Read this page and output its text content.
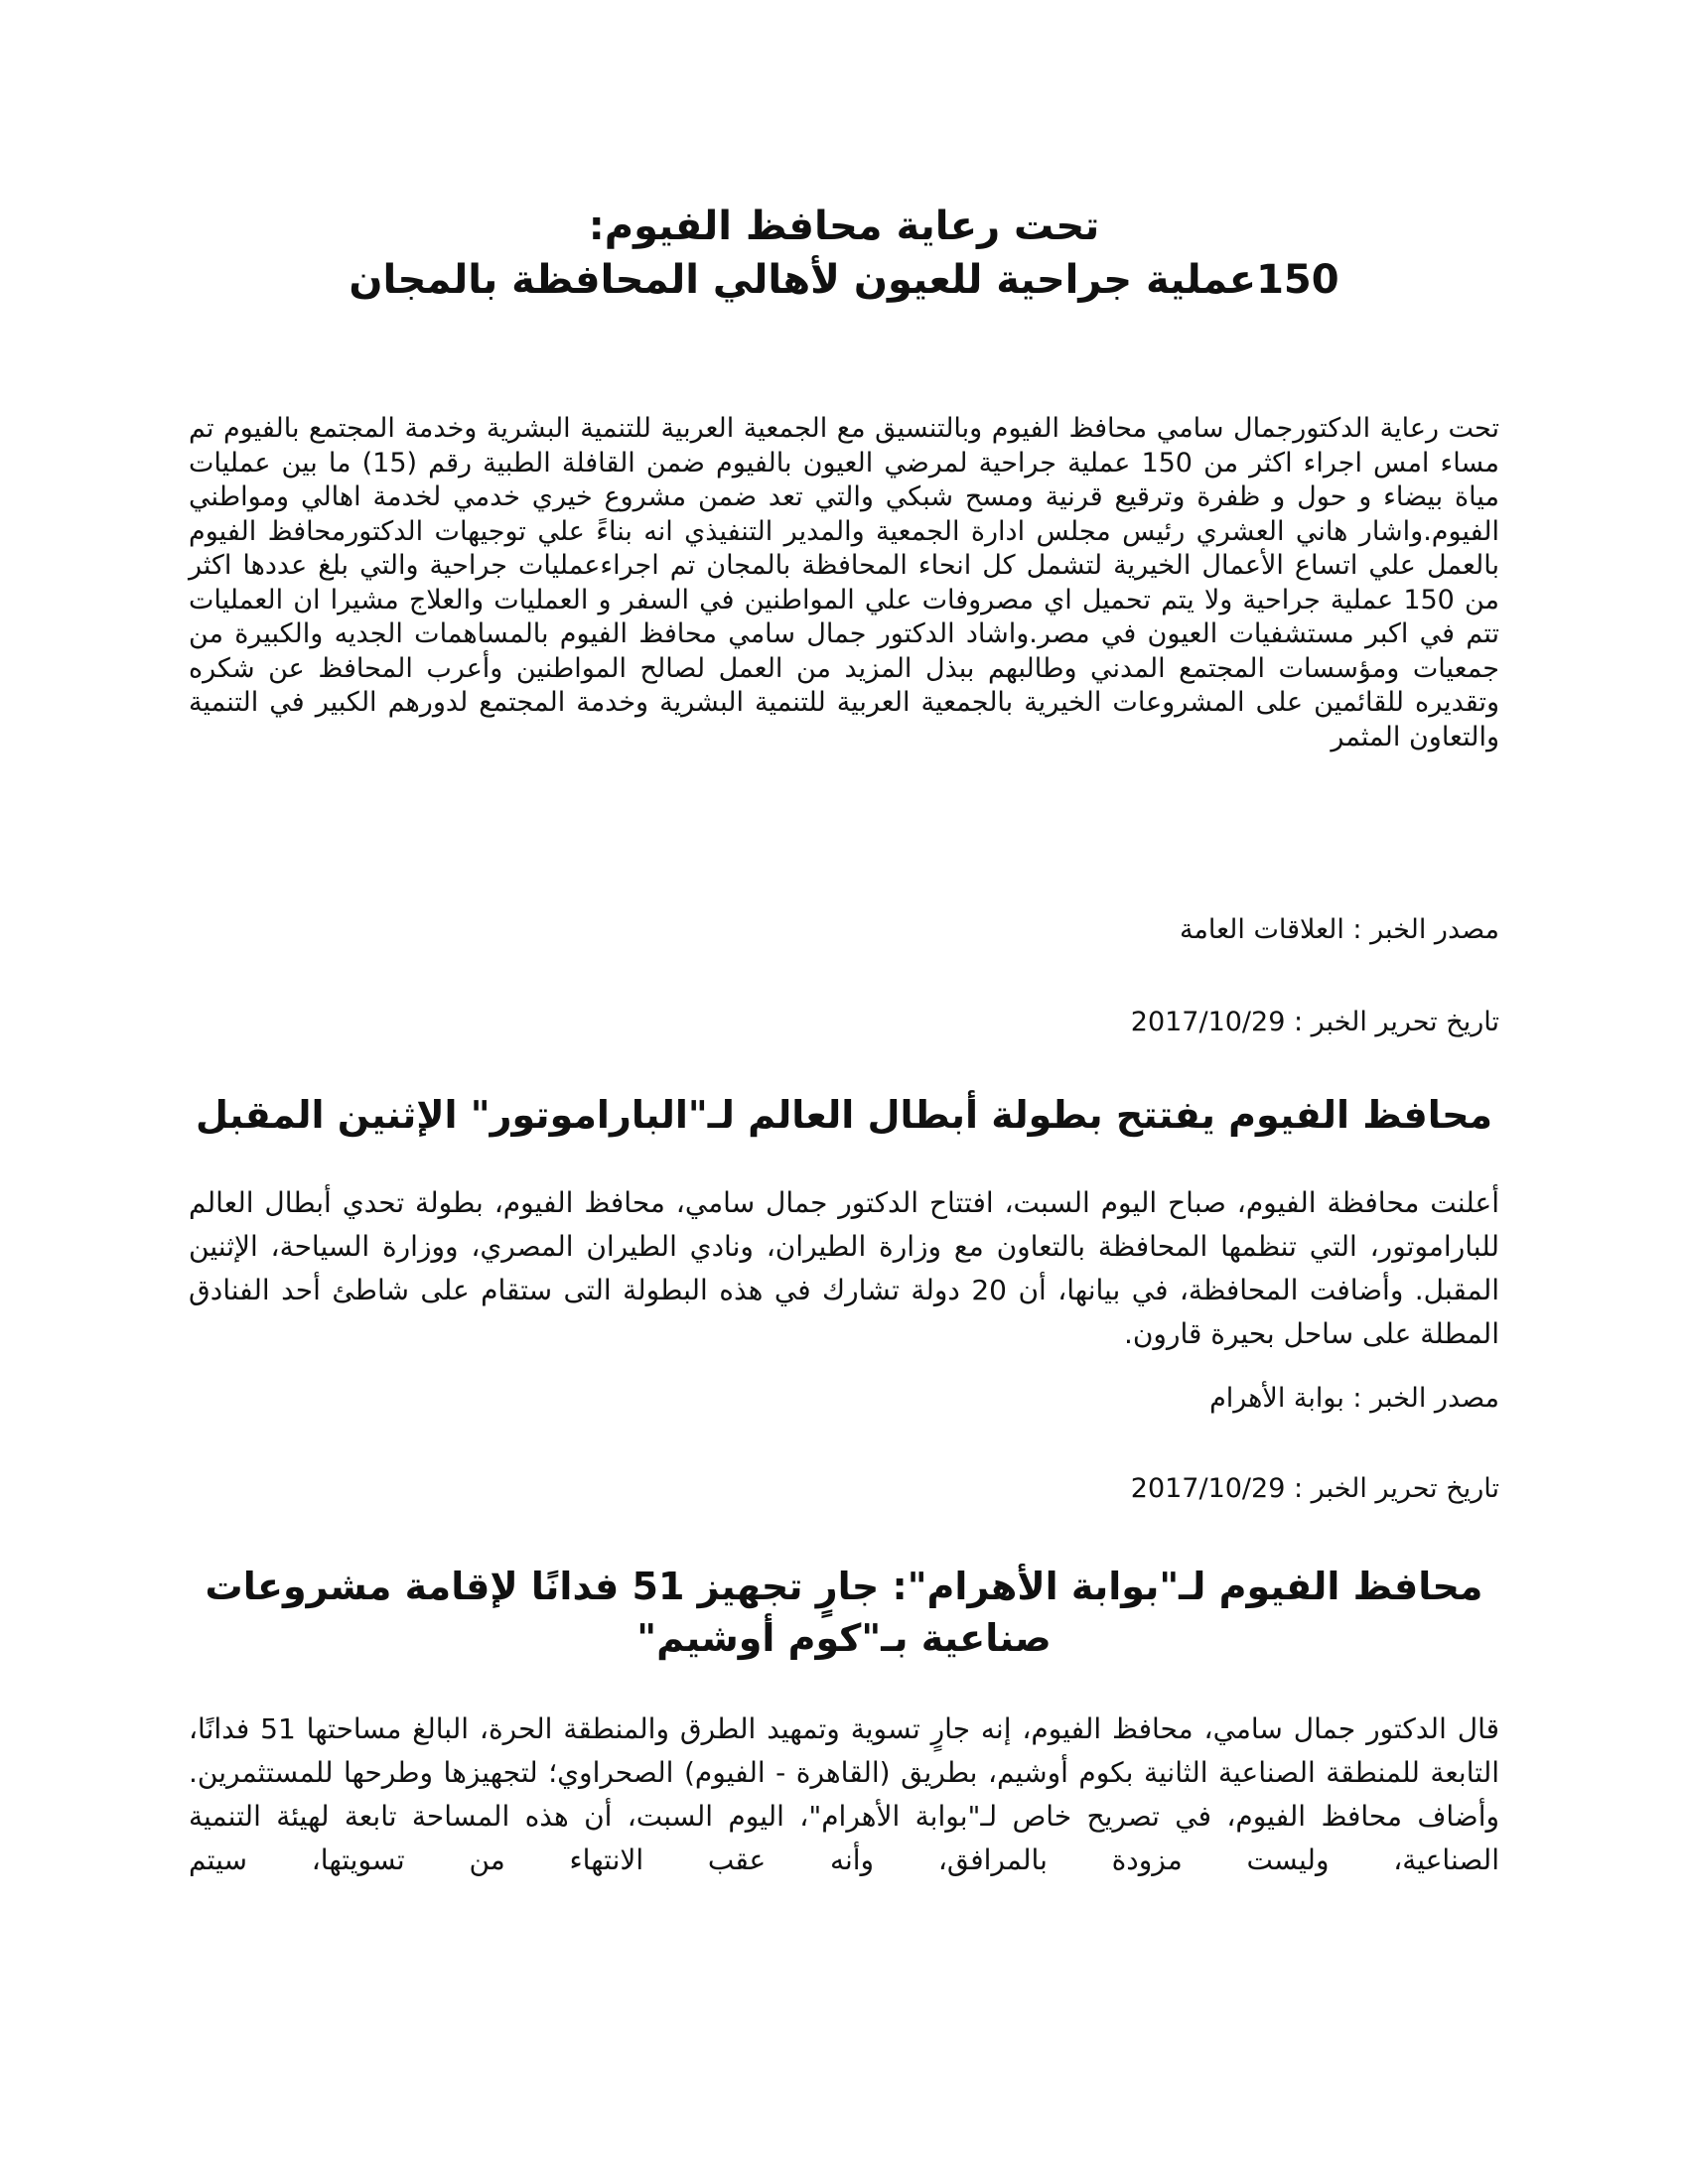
تحت رعاية محافظ الفيوم:
150عملية جراحية للعيون لأهالي المحافظة بالمجان

تحت رعاية الدكتورجمال سامي محافظ الفيوم وبالتنسيق مع الجمعية العربية للتنمية البشرية وخدمة المجتمع بالفيوم تم مساء امس اجراء اكثر من 150 عملية جراحية لمرضي العيون بالفيوم ضمن القافلة الطبية رقم (15) ما بين عمليات مياة بيضاء و حول و ظفرة وترقيع قرنية ومسح شبكي والتي تعد ضمن مشروع خيري خدمي لخدمة اهالي ومواطني الفيوم.واشار هاني العشري رئيس مجلس ادارة الجمعية والمدير التنفيذي انه بناءً علي توجيهات الدكتورمحافظ الفيوم بالعمل علي اتساع الأعمال الخيرية لتشمل كل انحاء المحافظة بالمجان تم اجراءعمليات جراحية والتي بلغ عددها اكثر من 150 عملية جراحية ولا يتم تحميل اي مصروفات علي المواطنين في السفر و العمليات والعلاج مشيرا ان العمليات تتم في اكبر مستشفيات العيون في مصر.واشاد الدكتور جمال سامي محافظ الفيوم بالمساهمات الجديه والكبيرة من جمعيات ومؤسسات المجتمع المدني وطالبهم ببذل المزيد من العمل لصالح المواطنين وأعرب المحافظ عن شكره وتقديره للقائمين على المشروعات الخيرية بالجمعية العربية للتنمية البشرية وخدمة المجتمع لدورهم الكبير في التنمية والتعاون المثمر

مصدر الخبر : العلاقات العامة

تاريخ تحرير الخبر : 2017/10/29

محافظ الفيوم يفتتح بطولة أبطال العالم لـ"الباراموتور" الإثنين المقبل

أعلنت محافظة الفيوم، صباح اليوم السبت، افتتاح الدكتور جمال سامي، محافظ الفيوم، بطولة تحدي أبطال العالم للباراموتور، التي تنظمها المحافظة بالتعاون مع وزارة الطيران، ونادي الطيران المصري، ووزارة السياحة، الإثنين المقبل. وأضافت المحافظة، في بيانها، أن 20 دولة تشارك في هذه البطولة التى ستقام على شاطئ أحد الفنادق المطلة على ساحل بحيرة قارون.

مصدر الخبر : بوابة الأهرام

تاريخ تحرير الخبر : 2017/10/29

محافظ الفيوم لـ"بوابة الأهرام": جارٍ تجهيز 51 فدانًا لإقامة مشروعات صناعية بـ"كوم أوشيم"

قال الدكتور جمال سامي، محافظ الفيوم، إنه جارٍ تسوية وتمهيد الطرق والمنطقة الحرة، البالغ مساحتها 51 فدانًا، التابعة للمنطقة الصناعية الثانية بكوم أوشيم، بطريق (القاهرة - الفيوم) الصحراوي؛ لتجهيزها وطرحها للمستثمرين. وأضاف محافظ الفيوم، في تصريح خاص لـ"بوابة الأهرام"، اليوم السبت، أن هذه المساحة تابعة لهيئة التنمية الصناعية، وليست مزودة بالمرافق، وأنه عقب الانتهاء من تسويتها، سيتم
